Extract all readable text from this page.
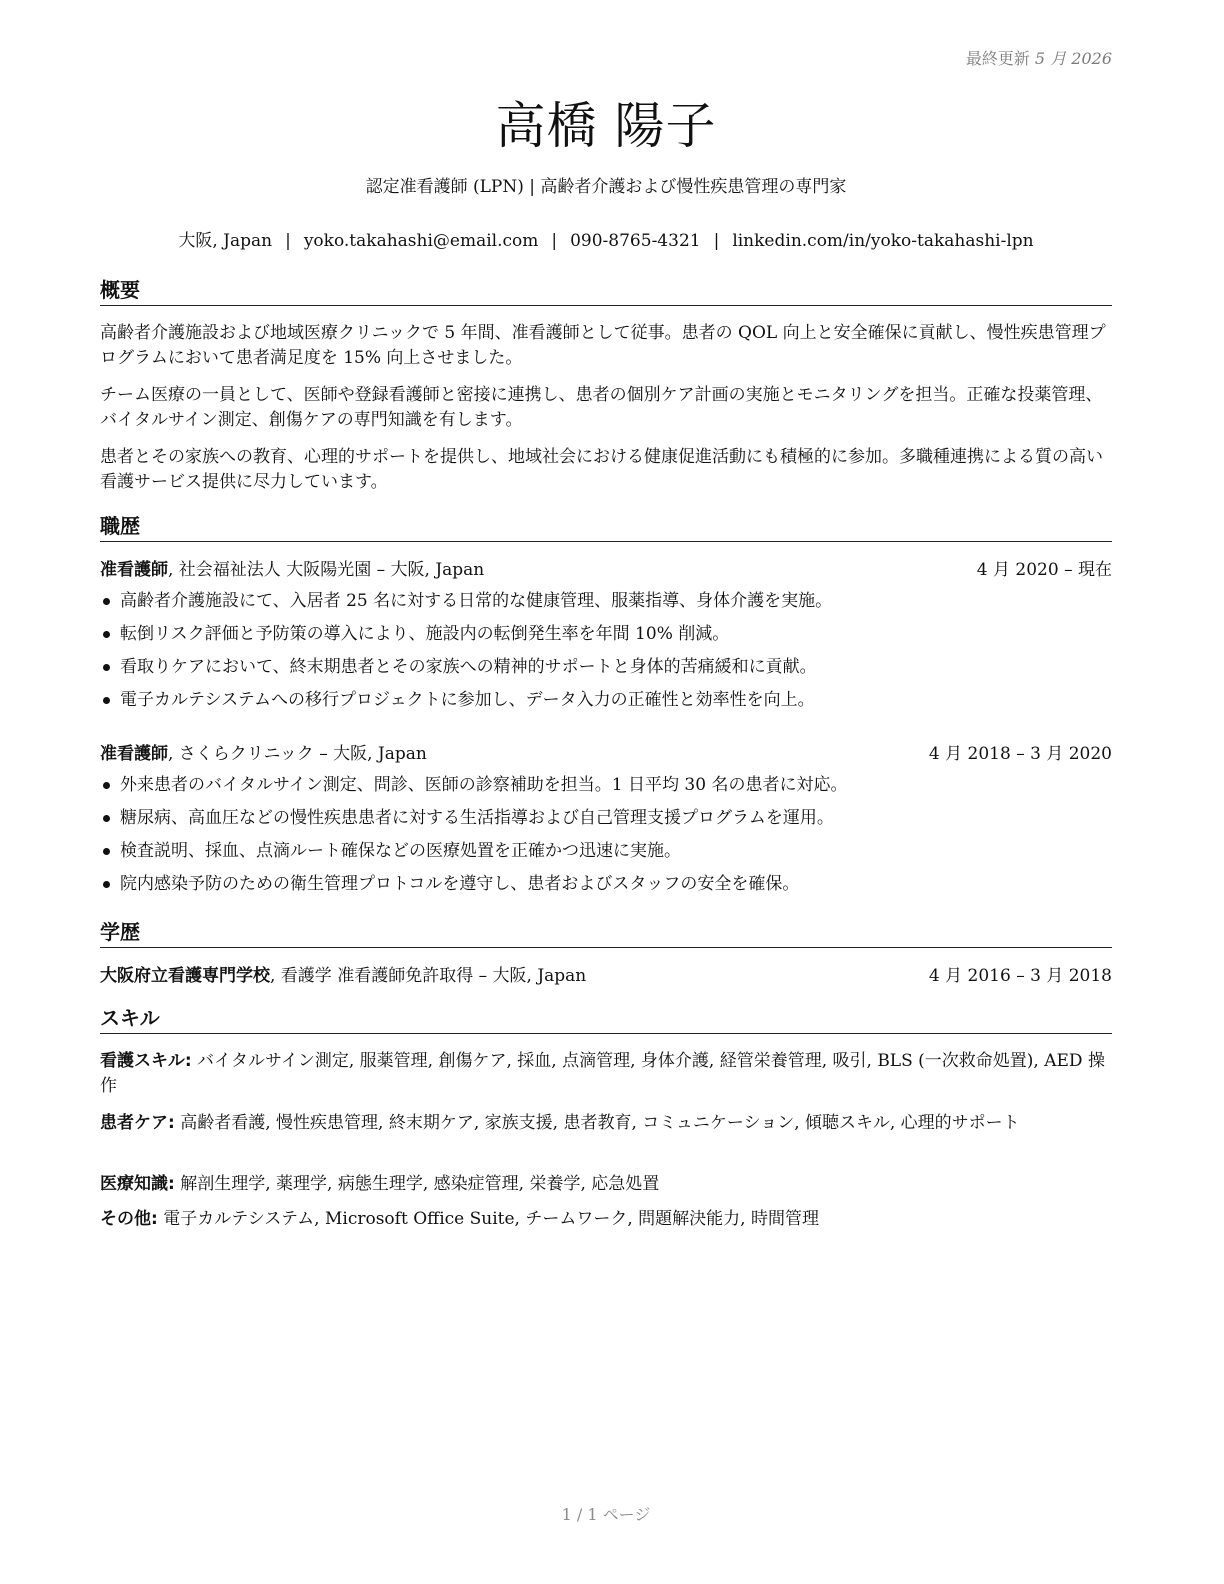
最終更新 5 月 2026
高橋 陽子
認定准看護師 (LPN) | 高齢者介護および慢性疾患管理の専門家
大阪, Japan | yoko.takahashi@email.com | 090-8765-4321 | linkedin.com/in/yoko-takahashi-lpn
概要

高齢者介護施設および地域医療クリニックで 5 年間、准看護師として従事。患者の QOL 向上と安全確保に貢献し、慢性疾患管理プログラムにおいて患者満足度を 15% 向上させました。

チーム医療の一員として、医師や登録看護師と密接に連携し、患者の個別ケア計画の実施とモニタリングを担当。正確な投薬管理、バイタルサイン測定、創傷ケアの専門知識を有します。

患者とその家族への教育、心理的サポートを提供し、地域社会における健康促進活動にも積極的に参加。多職種連携による質の高い看護サービス提供に尽力しています。

職歴
准看護師, 社会福祉法人 大阪陽光園 – 大阪, Japan	4 月 2020 – 現在
高齢者介護施設にて、入居者 25 名に対する日常的な健康管理、服薬指導、身体介護を実施。
転倒リスク評価と予防策の導入により、施設内の転倒発生率を年間 10% 削減。
看取りケアにおいて、終末期患者とその家族への精神的サポートと身体的苦痛緩和に貢献。
電子カルテシステムへの移行プロジェクトに参加し、データ入力の正確性と効率性を向上。
准看護師, さくらクリニック – 大阪, Japan	4 月 2018 – 3 月 2020
外来患者のバイタルサイン測定、問診、医師の診察補助を担当。1 日平均 30 名の患者に対応。
糖尿病、高血圧などの慢性疾患患者に対する生活指導および自己管理支援プログラムを運用。
検査説明、採血、点滴ルート確保などの医療処置を正確かつ迅速に実施。
院内感染予防のための衛生管理プロトコルを遵守し、患者およびスタッフの安全を確保。
学歴
大阪府立看護専門学校, 看護学 准看護師免許取得 – 大阪, Japan	4 月 2016 – 3 月 2018
スキル

看護スキル: バイタルサイン測定, 服薬管理, 創傷ケア, 採血, 点滴管理, 身体介護, 経管栄養管理, 吸引, BLS (一次救命処置), AED 操作

患者ケア: 高齢者看護, 慢性疾患管理, 終末期ケア, 家族支援, 患者教育, コミュニケーション, 傾聴スキル, 心理的サポート

医療知識: 解剖生理学, 薬理学, 病態生理学, 感染症管理, 栄養学, 応急処置

その他: 電子カルテシステム, Microsoft Office Suite, チームワーク, 問題解決能力, 時間管理

1 / 1 ページ
